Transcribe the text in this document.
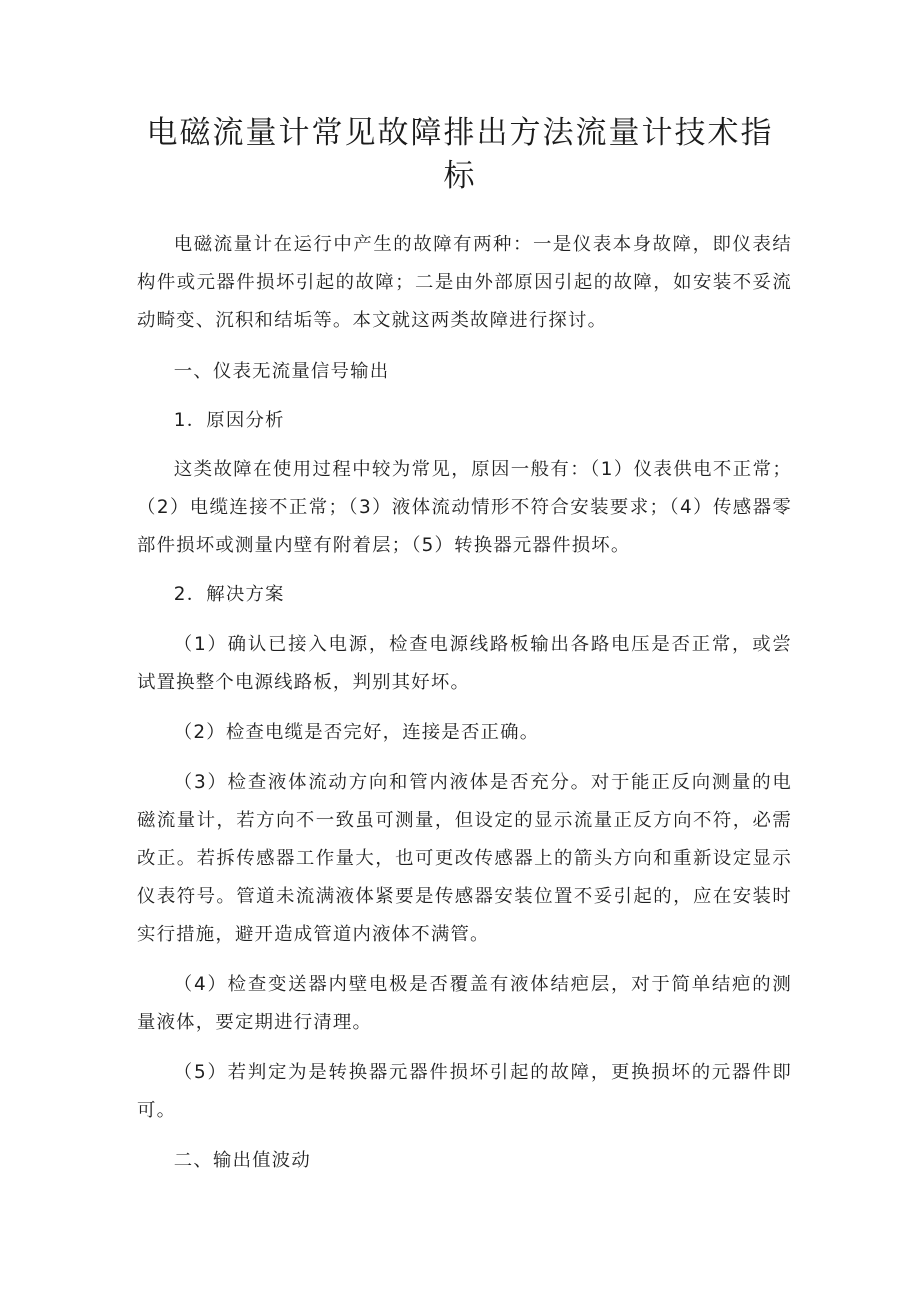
电磁流量计常见故障排出方法流量计技术指标

电磁流量计在运行中产生的故障有两种：一是仪表本身故障，即仪表结构件或元器件损坏引起的故障；二是由外部原因引起的故障，如安装不妥流动畸变、沉积和结垢等。本文就这两类故障进行探讨。

一、仪表无流量信号输出

1．原因分析

这类故障在使用过程中较为常见，原因一般有：（1）仪表供电不正常；（2）电缆连接不正常；（3）液体流动情形不符合安装要求；（4）传感器零部件损坏或测量内壁有附着层；（5）转换器元器件损坏。

2．解决方案

（1）确认已接入电源，检查电源线路板输出各路电压是否正常，或尝试置换整个电源线路板，判别其好坏。

（2）检查电缆是否完好，连接是否正确。

（3）检查液体流动方向和管内液体是否充分。对于能正反向测量的电磁流量计，若方向不一致虽可测量，但设定的显示流量正反方向不符，必需改正。若拆传感器工作量大，也可更改传感器上的箭头方向和重新设定显示仪表符号。管道未流满液体紧要是传感器安装位置不妥引起的，应在安装时实行措施，避开造成管道内液体不满管。

（4）检查变送器内壁电极是否覆盖有液体结疤层，对于简单结疤的测量液体，要定期进行清理。

（5）若判定为是转换器元器件损坏引起的故障，更换损坏的元器件即可。

二、输出值波动
